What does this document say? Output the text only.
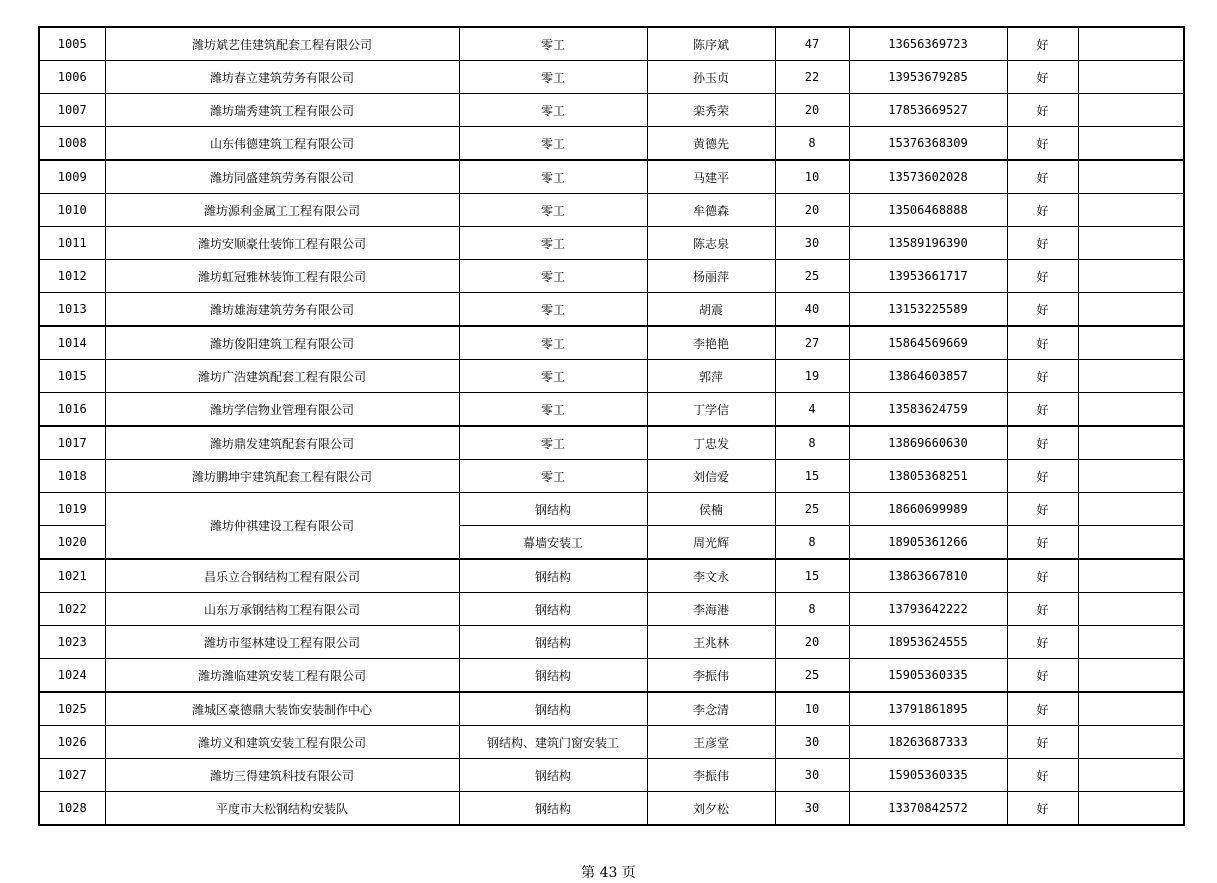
1005	潍坊斌艺佳建筑配套工程有限公司	零工	陈序斌	47	13656369723	好	
1006	潍坊春立建筑劳务有限公司	零工	孙玉贞	22	13953679285	好	
1007	潍坊瑞秀建筑工程有限公司	零工	栾秀荣	20	17853669527	好	
1008	山东伟德建筑工程有限公司	零工	黄德先	8	15376368309	好	
1009	潍坊同盛建筑劳务有限公司	零工	马建平	10	13573602028	好	
1010	潍坊源利金属工工程有限公司	零工	牟德森	20	13506468888	好	
1011	潍坊安顺豪仕装饰工程有限公司	零工	陈志泉	30	13589196390	好	
1012	潍坊虹冠雅林装饰工程有限公司	零工	杨丽萍	25	13953661717	好	
1013	潍坊雄海建筑劳务有限公司	零工	胡震	40	13153225589	好	
1014	潍坊俊阳建筑工程有限公司	零工	李艳艳	27	15864569669	好	
1015	潍坊广浩建筑配套工程有限公司	零工	郭萍	19	13864603857	好	
1016	潍坊学信物业管理有限公司	零工	丁学信	4	13583624759	好	
1017	潍坊鼎发建筑配套有限公司	零工	丁忠发	8	13869660630	好	
1018	潍坊鹏坤宇建筑配套工程有限公司	零工	刘信爱	15	13805368251	好	
1019	潍坊仲祺建设工程有限公司	钢结构	侯楠	25	18660699989	好	
1020		幕墙安装工	周光辉	8	18905361266	好	
1021	昌乐立合钢结构工程有限公司	钢结构	李文永	15	13863667810	好	
1022	山东万承钢结构工程有限公司	钢结构	李海港	8	13793642222	好	
1023	潍坊市玺林建设工程有限公司	钢结构	王兆林	20	18953624555	好	
1024	潍坊潍临建筑安装工程有限公司	钢结构	李振伟	25	15905360335	好	
1025	潍城区豪德鼎大装饰安装制作中心	钢结构	李念清	10	13791861895	好	
1026	潍坊义和建筑安装工程有限公司	钢结构、建筑门窗安装工	王彦堂	30	18263687333	好	
1027	潍坊三得建筑科技有限公司	钢结构	李振伟	30	15905360335	好	
1028	平度市大松钢结构安装队	钢结构	刘夕松	30	13370842572	好	
第 43 页
